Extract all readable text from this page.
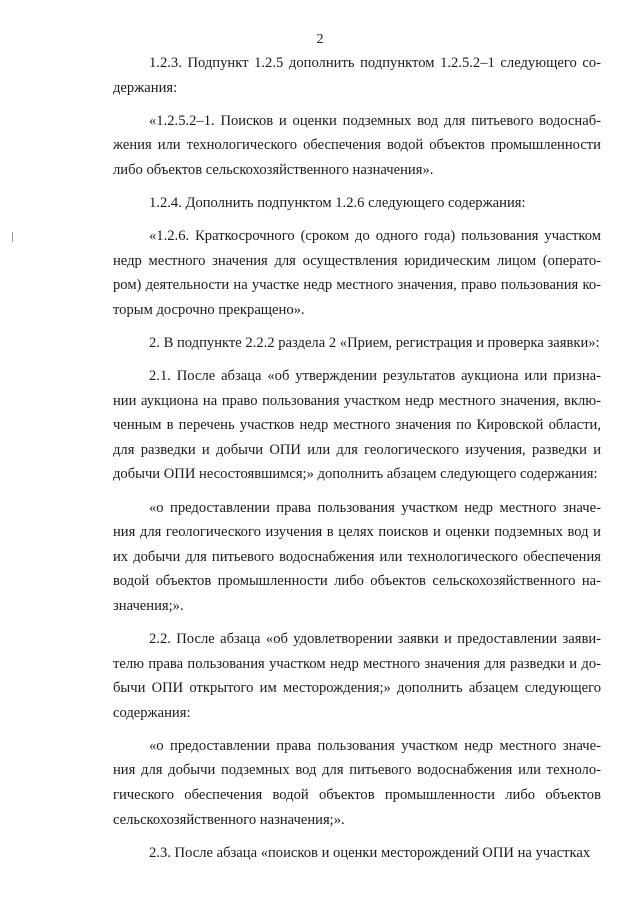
2
1.2.3. Подпункт 1.2.5 дополнить подпунктом 1.2.5.2–1 следующего со-
держания:
«1.2.5.2–1. Поисков и оценки подземных вод для питьевого водоснаб-
жения или технологического обеспечения водой объектов промышленности
либо объектов сельскохозяйственного назначения».
1.2.4. Дополнить подпунктом 1.2.6 следующего содержания:
«1.2.6. Краткосрочного (сроком до одного года) пользования участком
недр местного значения для осуществления юридическим лицом (операто-
ром) деятельности на участке недр местного значения, право пользования ко-
торым досрочно прекращено».
2. В подпункте 2.2.2 раздела 2 «Прием, регистрация и проверка заявки»:
2.1. После абзаца «об утверждении результатов аукциона или призна-
нии аукциона на право пользования участком недр местного значения, вклю-
ченным в перечень участков недр местного значения по Кировской области,
для разведки и добычи ОПИ или для геологического изучения, разведки и
добычи ОПИ несостоявшимся;» дополнить абзацем следующего содержания:
«о предоставлении права пользования участком недр местного значе-
ния для геологического изучения в целях поисков и оценки подземных вод и
их добычи для питьевого водоснабжения или технологического обеспечения
водой объектов промышленности либо объектов сельскохозяйственного на-
значения;».
2.2. После абзаца «об удовлетворении заявки и предоставлении заяви-
телю права пользования участком недр местного значения для разведки и до-
бычи ОПИ открытого им месторождения;» дополнить абзацем следующего
содержания:
«о предоставлении права пользования участком недр местного значе-
ния для добычи подземных вод для питьевого водоснабжения или техноло-
гического обеспечения водой объектов промышленности либо объектов
сельскохозяйственного назначения;».
2.3. После абзаца «поисков и оценки месторождений ОПИ на участках
